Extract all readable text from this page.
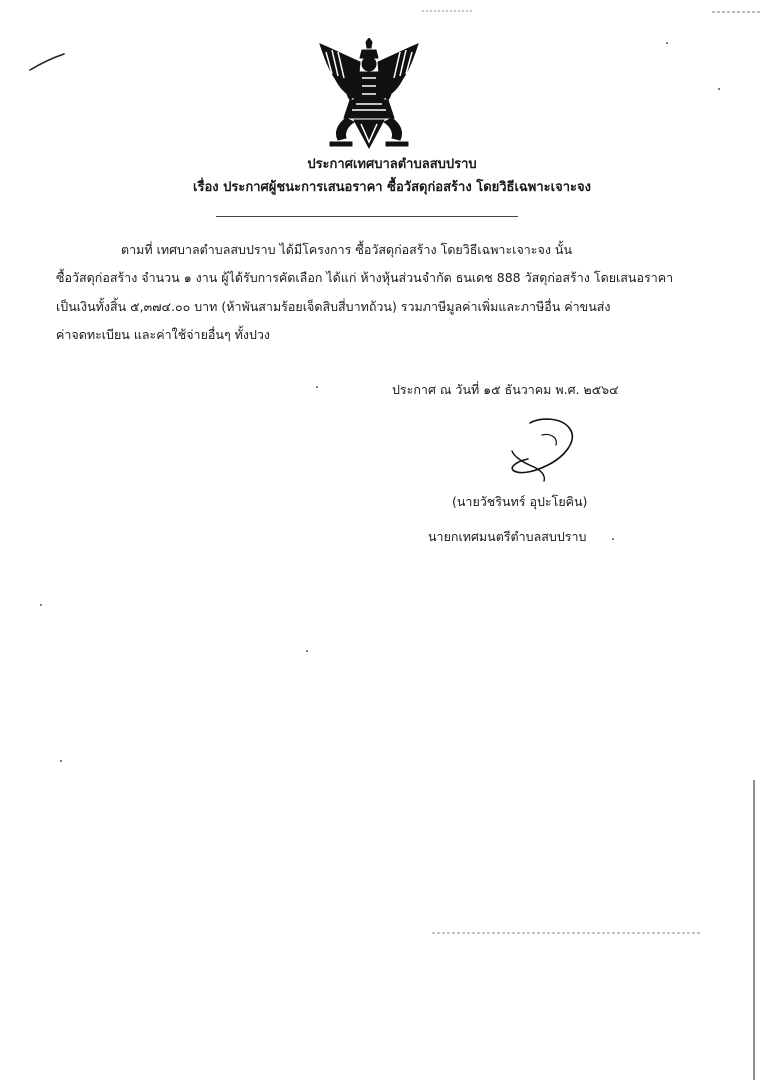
ประกาศเทศบาลตำบลสบปราบ
เรื่อง ประกาศผู้ชนะการเสนอราคา ซื้อวัสดุก่อสร้าง โดยวิธีเฉพาะเจาะจง
ตามที่ เทศบาลตำบลสบปราบ ได้มีโครงการ ซื้อวัสดุก่อสร้าง โดยวิธีเฉพาะเจาะจง นั้น
ซื้อวัสดุก่อสร้าง จำนวน ๑ งาน ผู้ได้รับการคัดเลือก ได้แก่ ห้างหุ้นส่วนจำกัด ธนเดช 888 วัสดุก่อสร้าง โดยเสนอราคา
เป็นเงินทั้งสิ้น ๕,๓๗๔.๐๐ บาท (ห้าพันสามร้อยเจ็ดสิบสี่บาทถ้วน) รวมภาษีมูลค่าเพิ่มและภาษีอื่น ค่าขนส่ง
ค่าจดทะเบียน และค่าใช้จ่ายอื่นๆ ทั้งปวง
ประกาศ ณ วันที่ ๑๕ ธันวาคม พ.ศ. ๒๕๖๔
(นายวัชรินทร์ อุปะโยคิน)
นายกเทศมนตรีตำบลสบปราบ
